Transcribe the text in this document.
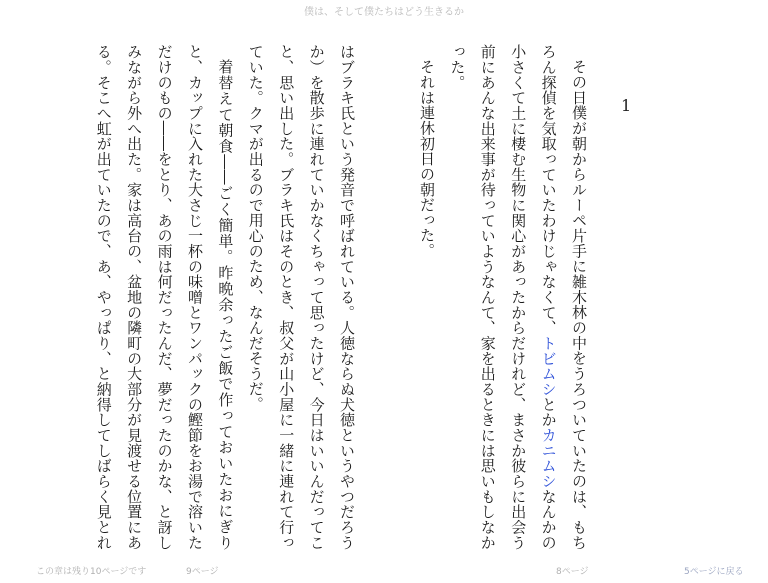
僕は、そして僕たちはどう生きるか
1

その日僕が朝からルーペ片手に雑木林の中をうろついていたのは、もちろん探偵を気取っていたわけじゃなくて、トビムシとかカニムシなんかの小さくて土に棲む生物に関心があったからだけれど、まさか彼らに出会う前にあんな出来事が待っていようなんて、家を出るときには思いもしなかった。

それは連休初日の朝だった。

はブラキ氏という発音で呼ばれている。人徳ならぬ犬徳というやつだろうか）を散歩に連れていかなくちゃって思ったけど、今日はいいんだってこと、思い出した。ブラキ氏はそのとき、叔父が山小屋に一緒に連れて行っていた。クマが出るので用心のため、なんだそうだ。

着替えて朝食――ごく簡単。昨晩余ったご飯で作っておいたおにぎりと、カップに入れた大さじ一杯の味噌とワンパックの鰹節をお湯で溶いただけのもの――をとり、あの雨は何だったんだ、夢だったのかな、と訝しみながら外へ出た。家は高台の、盆地の隣町の大部分が見渡せる位置にある。そこへ虹が出ていたので、あ、やっぱり、と納得してしばらく見とれ

この章は残り10ページです	9ページ	8ページ	5ページに戻る
